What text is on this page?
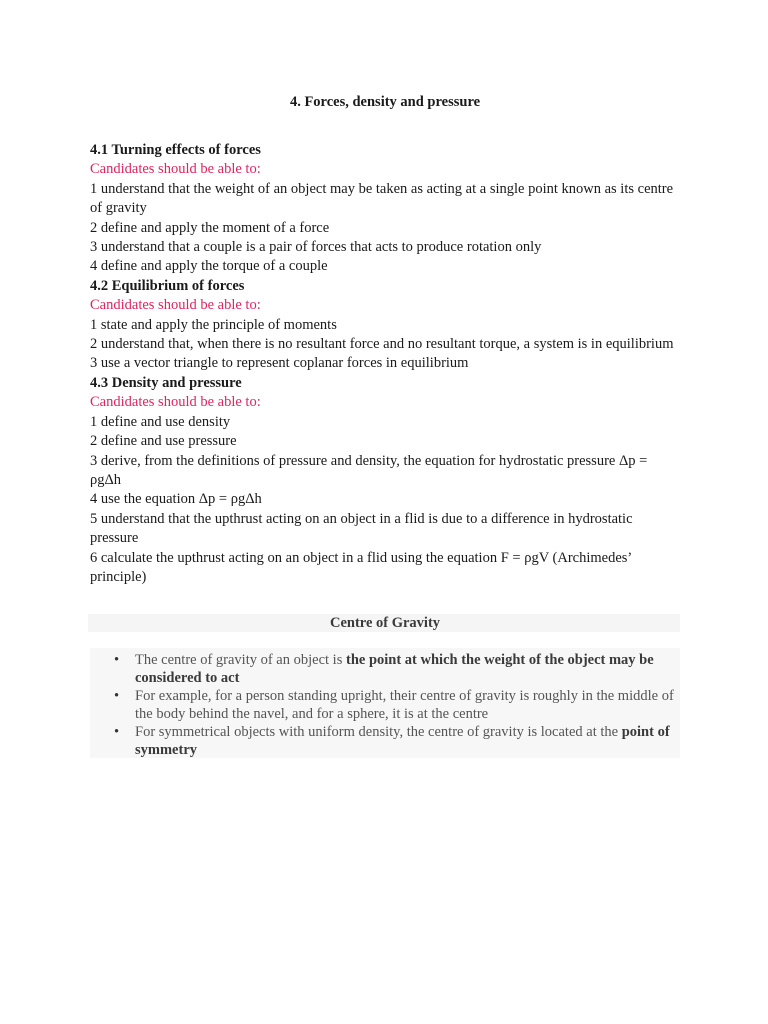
4. Forces, density and pressure
4.1 Turning effects of forces
Candidates should be able to:
1 understand that the weight of an object may be taken as acting at a single point known as its centre of gravity
2 define and apply the moment of a force
3 understand that a couple is a pair of forces that acts to produce rotation only
4 define and apply the torque of a couple
4.2 Equilibrium of forces
Candidates should be able to:
1 state and apply the principle of moments
2 understand that, when there is no resultant force and no resultant torque, a system is in equilibrium
3 use a vector triangle to represent coplanar forces in equilibrium
4.3 Density and pressure
Candidates should be able to:
1 define and use density
2 define and use pressure
3 derive, from the definitions of pressure and density, the equation for hydrostatic pressure Δp = ρgΔh
4 use the equation Δp = ρgΔh
5 understand that the upthrust acting on an object in a flid is due to a difference in hydrostatic pressure
6 calculate the upthrust acting on an object in a flid using the equation F = ρgV (Archimedes’ principle)
Centre of Gravity
• The centre of gravity of an object is the point at which the weight of the object may be considered to act
• For example, for a person standing upright, their centre of gravity is roughly in the middle of the body behind the navel, and for a sphere, it is at the centre
• For symmetrical objects with uniform density, the centre of gravity is located at the point of symmetry
